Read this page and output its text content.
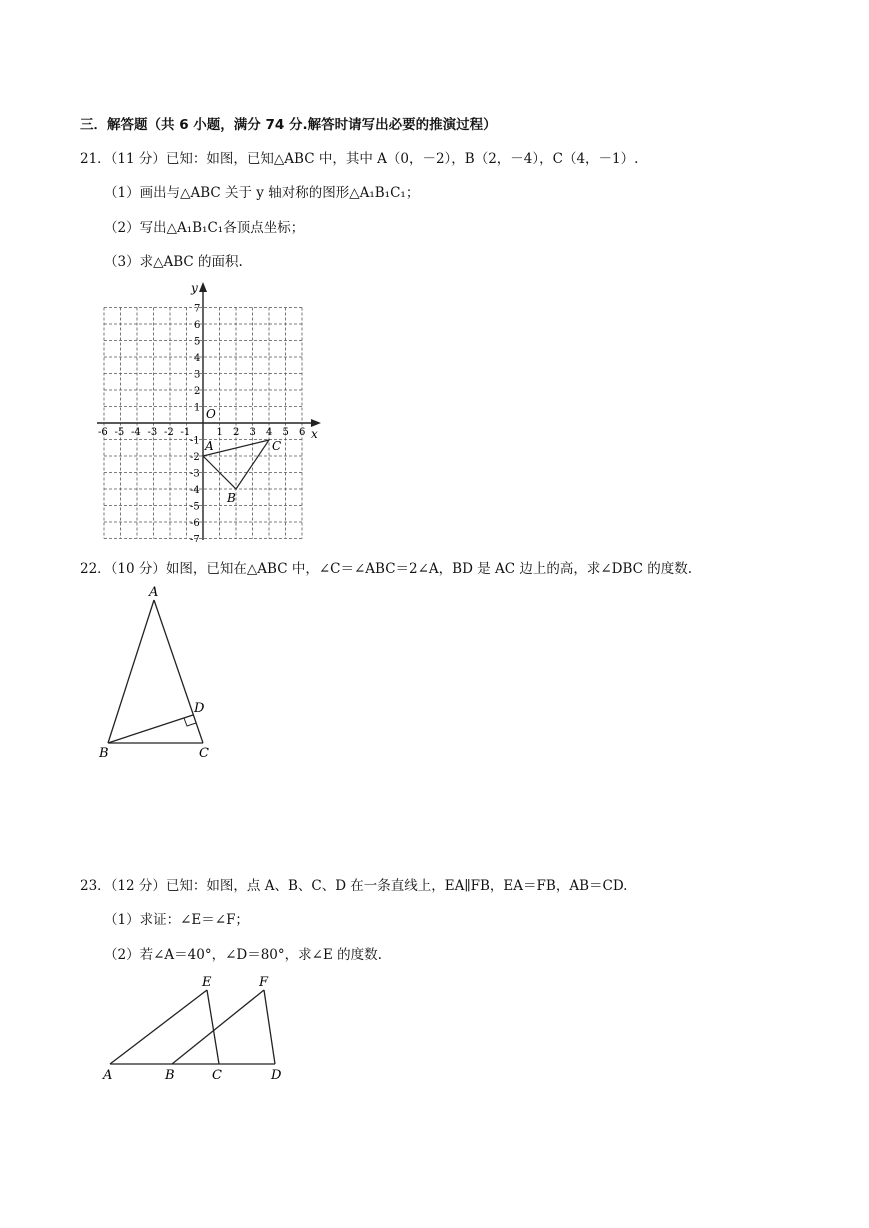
三．解答题（共 6 小题，满分 74 分.解答时请写出必要的推演过程）
21．（11 分）已知：如图，已知△ABC 中，其中 A（0，－2），B（2，－4），C（4，－1）.
（1）画出与△ABC 关于 y 轴对称的图形△A₁B₁C₁；
（2）写出△A₁B₁C₁各顶点坐标；
（3）求△ABC 的面积.
x
y
O
-6 -5 -4 -3 -2 -1	1 2 3 4 5 6
7
6
5
4
3
2
1
-1
-2
-3
-4
-5
-6
-7
A
B
C
22．（10 分）如图，已知在△ABC 中，∠C＝∠ABC＝2∠A，BD 是 AC 边上的高，求∠DBC 的度数.
A
B	C
D
23．（12 分）已知：如图，点 A、B、C、D 在一条直线上，EA∥FB，EA＝FB，AB＝CD.
（1）求证：∠E＝∠F；
（2）若∠A＝40°，∠D＝80°，求∠E 的度数.
E	F
A	B	C	D
